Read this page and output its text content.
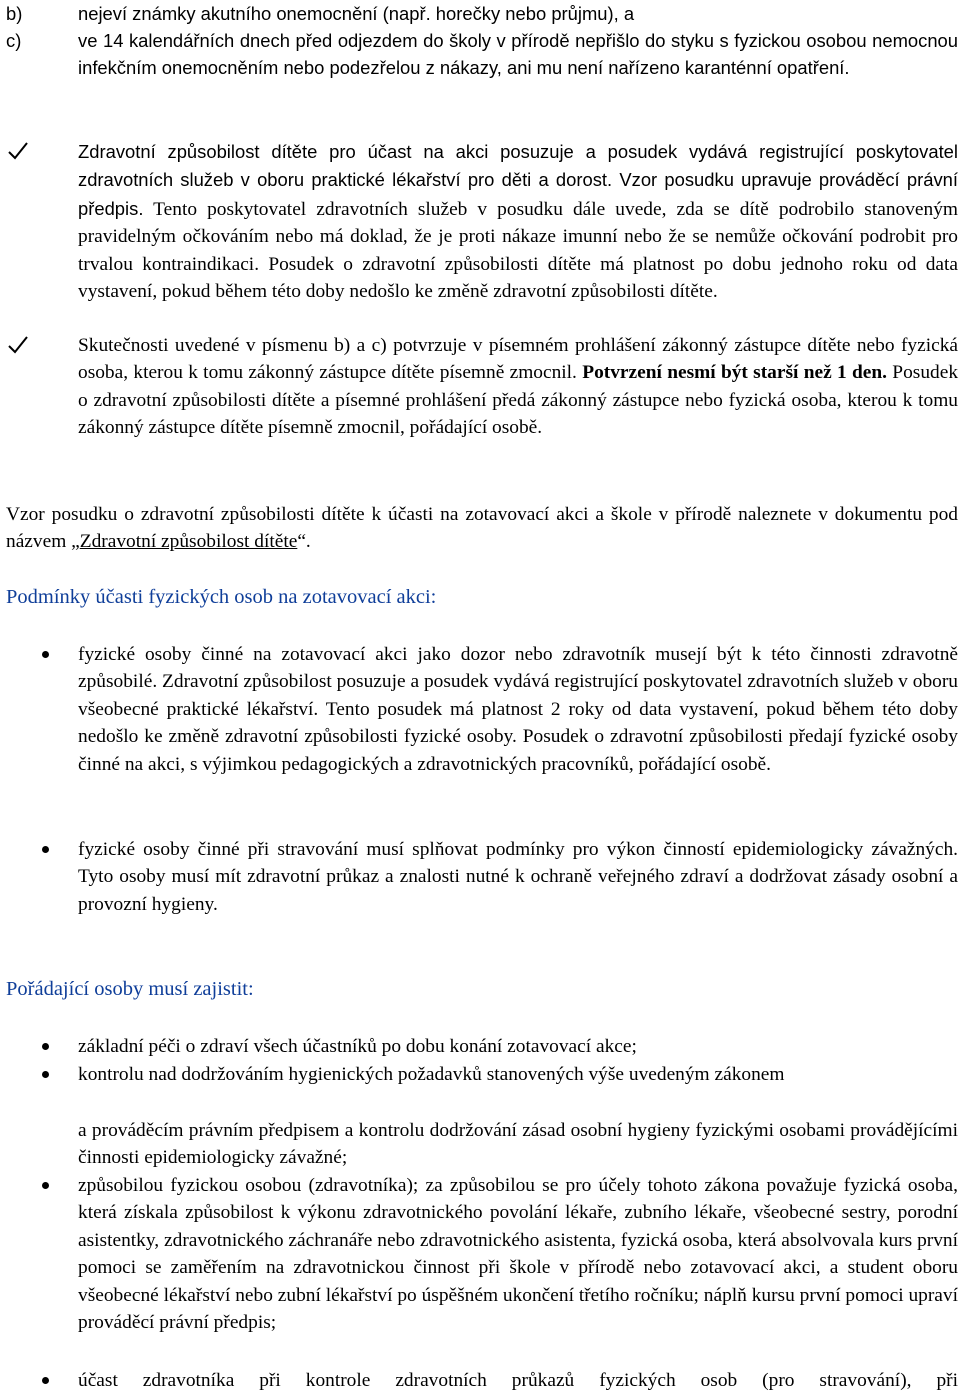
b)	nejeví známky akutního onemocnění (např. horečky nebo průjmu), a

c)	ve 14 kalendářních dnech před odjezdem do školy v přírodě nepřišlo do styku s fyzickou osobou nemocnou infekčním onemocněním nebo podezřelou z nákazy, ani mu není nařízeno karanténní opatření.

Zdravotní způsobilost dítěte pro účast na akci posuzuje a posudek vydává registrující poskytovatel zdravotních služeb v oboru praktické lékařství pro děti a dorost. Vzor posudku upravuje prováděcí právní předpis. Tento poskytovatel zdravotních služeb v posudku dále uvede, zda se dítě podrobilo stanoveným pravidelným očkováním nebo má doklad, že je proti nákaze imunní nebo že se nemůže očkování podrobit pro trvalou kontraindikaci. Posudek o zdravotní způsobilosti dítěte má platnost po dobu jednoho roku od data vystavení, pokud během této doby nedošlo ke změně zdravotní způsobilosti dítěte.

Skutečnosti uvedené v písmenu b) a c) potvrzuje v písemném prohlášení zákonný zástupce dítěte nebo fyzická osoba, kterou k tomu zákonný zástupce dítěte písemně zmocnil. Potvrzení nesmí být starší než 1 den. Posudek o zdravotní způsobilosti dítěte a písemné prohlášení předá zákonný zástupce nebo fyzická osoba, kterou k tomu zákonný zástupce dítěte písemně zmocnil, pořádající osobě.

Vzor posudku o zdravotní způsobilosti dítěte k účasti na zotavovací akci a škole v přírodě naleznete v dokumentu pod názvem „Zdravotní způsobilost dítěte“.

Podmínky účasti fyzických osob na zotavovací akci:

fyzické osoby činné na zotavovací akci jako dozor nebo zdravotník musejí být k této činnosti zdravotně způsobilé. Zdravotní způsobilost posuzuje a posudek vydává registrující poskytovatel zdravotních služeb v oboru všeobecné praktické lékařství. Tento posudek má platnost 2 roky od data vystavení, pokud během této doby nedošlo ke změně zdravotní způsobilosti fyzické osoby. Posudek o zdravotní způsobilosti předají fyzické osoby činné na akci, s výjimkou pedagogických a zdravotnických pracovníků, pořádající osobě.

fyzické osoby činné při stravování musí splňovat podmínky pro výkon činností epidemiologicky závažných. Tyto osoby musí mít zdravotní průkaz a znalosti nutné k ochraně veřejného zdraví a dodržovat zásady osobní a provozní hygieny.

Pořádající osoby musí zajistit:

základní péči o zdraví všech účastníků po dobu konání zotavovací akce;

kontrolu nad dodržováním hygienických požadavků stanovených výše uvedeným zákonem

a prováděcím právním předpisem a kontrolu dodržování zásad osobní hygieny fyzickými osobami provádějícími činnosti epidemiologicky závažné;

způsobilou fyzickou osobou (zdravotníka); za způsobilou se pro účely tohoto zákona považuje fyzická osoba, která získala způsobilost k výkonu zdravotnického povolání lékaře, zubního lékaře, všeobecné sestry, porodní asistentky, zdravotnického záchranáře nebo zdravotnického asistenta, fyzická osoba, která absolvovala kurs první pomoci se zaměřením na zdravotnickou činnost při škole v přírodě nebo zotavovací akci, a student oboru všeobecné lékařství nebo zubní lékařství po úspěšném ukončení třetího ročníku; náplň kursu první pomoci upraví prováděcí právní předpis;

účast zdravotníka při kontrole zdravotních průkazů fyzických osob (pro stravování), při
